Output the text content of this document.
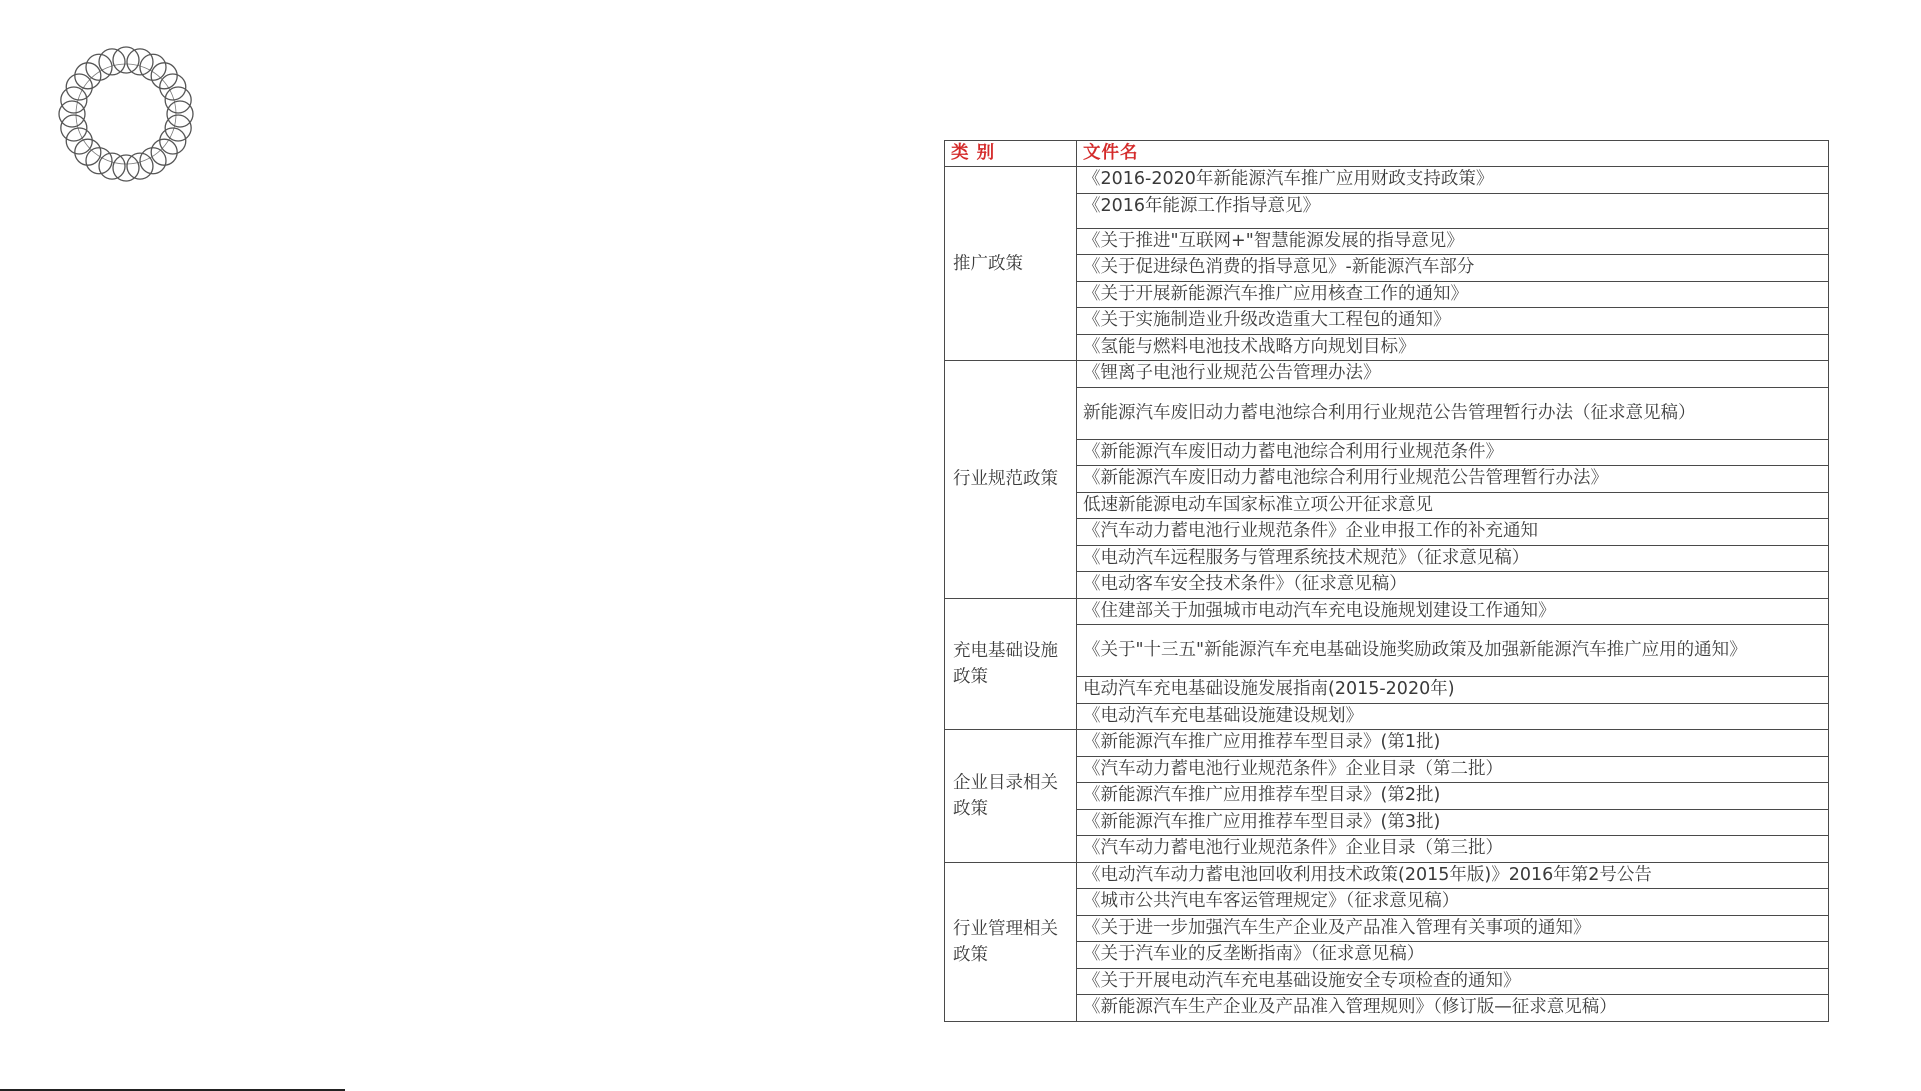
类 别	文件名
推广政策	《2016-2020年新能源汽车推广应用财政支持政策》
	《2016年能源工作指导意见》
	《关于推进"互联网+"智慧能源发展的指导意见》
	《关于促进绿色消费的指导意见》-新能源汽车部分
	《关于开展新能源汽车推广应用核查工作的通知》
	《关于实施制造业升级改造重大工程包的通知》
	《氢能与燃料电池技术战略方向规划目标》
行业规范政策	《锂离子电池行业规范公告管理办法》
	新能源汽车废旧动力蓄电池综合利用行业规范公告管理暂行办法（征求意见稿）
	《新能源汽车废旧动力蓄电池综合利用行业规范条件》
	《新能源汽车废旧动力蓄电池综合利用行业规范公告管理暂行办法》
	低速新能源电动车国家标准立项公开征求意见
	《汽车动力蓄电池行业规范条件》企业申报工作的补充通知
	《电动汽车远程服务与管理系统技术规范》（征求意见稿）
	《电动客车安全技术条件》（征求意见稿）
充电基础设施政策	《住建部关于加强城市电动汽车充电设施规划建设工作通知》
	《关于"十三五"新能源汽车充电基础设施奖励政策及加强新能源汽车推广应用的通知》
	电动汽车充电基础设施发展指南(2015-2020年)
	《电动汽车充电基础设施建设规划》
企业目录相关政策	《新能源汽车推广应用推荐车型目录》(第1批)
	《汽车动力蓄电池行业规范条件》企业目录（第二批）
	《新能源汽车推广应用推荐车型目录》(第2批)
	《新能源汽车推广应用推荐车型目录》(第3批)
	《汽车动力蓄电池行业规范条件》企业目录（第三批）
行业管理相关政策	《电动汽车动力蓄电池回收利用技术政策(2015年版)》2016年第2号公告
	《城市公共汽电车客运管理规定》（征求意见稿）
	《关于进一步加强汽车生产企业及产品准入管理有关事项的通知》
	《关于汽车业的反垄断指南》（征求意见稿）
	《关于开展电动汽车充电基础设施安全专项检查的通知》
	《新能源汽车生产企业及产品准入管理规则》（修订版—征求意见稿）
